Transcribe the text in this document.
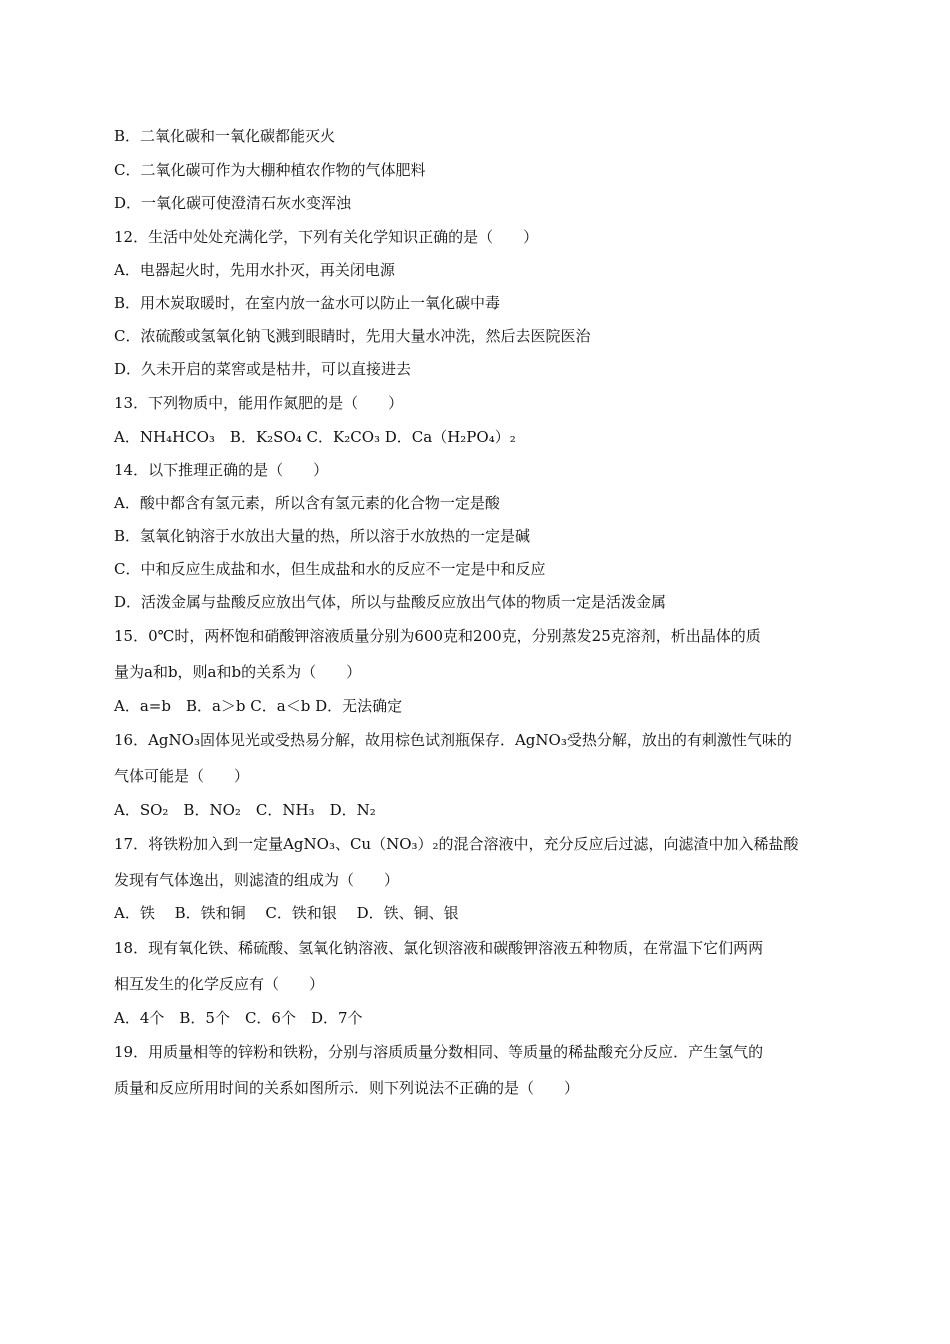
B．二氧化碳和一氧化碳都能灭火
C．二氧化碳可作为大棚种植农作物的气体肥料
D．一氧化碳可使澄清石灰水变浑浊
12．生活中处处充满化学，下列有关化学知识正确的是（　　）
A．电器起火时，先用水扑灭，再关闭电源
B．用木炭取暖时，在室内放一盆水可以防止一氧化碳中毒
C．浓硫酸或氢氧化钠飞溅到眼睛时，先用大量水冲洗，然后去医院医治
D．久未开启的菜窖或是枯井，可以直接进去
13．下列物质中，能用作氮肥的是（　　）
A．NH₄HCO₃　B．K₂SO₄ C．K₂CO₃ D．Ca（H₂PO₄）₂
14．以下推理正确的是（　　）
A．酸中都含有氢元素，所以含有氢元素的化合物一定是酸
B．氢氧化钠溶于水放出大量的热，所以溶于水放热的一定是碱
C．中和反应生成盐和水，但生成盐和水的反应不一定是中和反应
D．活泼金属与盐酸反应放出气体，所以与盐酸反应放出气体的物质一定是活泼金属
15．0℃时，两杯饱和硝酸钾溶液质量分别为600克和200克，分别蒸发25克溶剂，析出晶体的质
量为a和b，则a和b的关系为（　　）
A．a=b　B．a＞b C．a＜b D．无法确定
16．AgNO₃固体见光或受热易分解，故用棕色试剂瓶保存．AgNO₃受热分解，放出的有刺激性气味的
气体可能是（　　）
A．SO₂　B．NO₂　C．NH₃　D．N₂
17．将铁粉加入到一定量AgNO₃、Cu（NO₃）₂的混合溶液中，充分反应后过滤，向滤渣中加入稀盐酸
发现有气体逸出，则滤渣的组成为（　　）
A．铁　 B．铁和铜　 C．铁和银　 D．铁、铜、银
18．现有氧化铁、稀硫酸、氢氧化钠溶液、氯化钡溶液和碳酸钾溶液五种物质，在常温下它们两两
相互发生的化学反应有（　　）
A．4个　B．5个　C．6个　D．7个
19．用质量相等的锌粉和铁粉，分别与溶质质量分数相同、等质量的稀盐酸充分反应．产生氢气的
质量和反应所用时间的关系如图所示．则下列说法不正确的是（　　）
